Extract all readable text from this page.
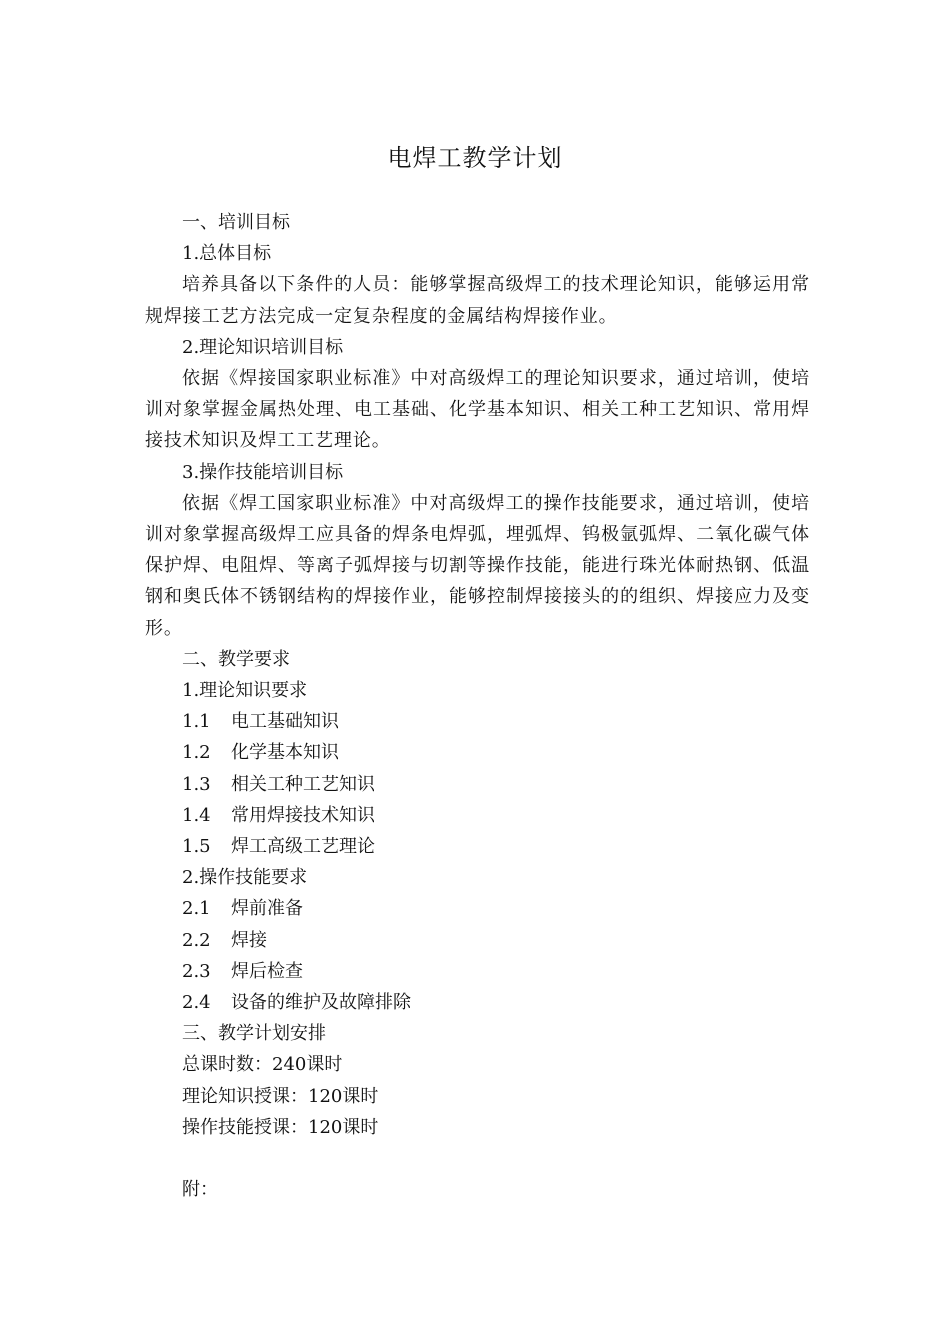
电焊工教学计划

一、培训目标

1.总体目标

培养具备以下条件的人员：能够掌握高级焊工的技术理论知识，能够运用常规焊接工艺方法完成一定复杂程度的金属结构焊接作业。

2.理论知识培训目标

依据《焊接国家职业标准》中对高级焊工的理论知识要求，通过培训，使培训对象掌握金属热处理、电工基础、化学基本知识、相关工种工艺知识、常用焊接技术知识及焊工工艺理论。

3.操作技能培训目标

依据《焊工国家职业标准》中对高级焊工的操作技能要求，通过培训，使培训对象掌握高级焊工应具备的焊条电焊弧，埋弧焊、钨极氩弧焊、二氧化碳气体保护焊、电阻焊、等离子弧焊接与切割等操作技能，能进行珠光体耐热钢、低温钢和奥氏体不锈钢结构的焊接作业，能够控制焊接接头的的组织、焊接应力及变形。

二、教学要求

1.理论知识要求

1.1 电工基础知识

1.2 化学基本知识

1.3 相关工种工艺知识

1.4 常用焊接技术知识

1.5 焊工高级工艺理论

2.操作技能要求

2.1 焊前准备

2.2 焊接

2.3 焊后检查

2.4 设备的维护及故障排除

三、教学计划安排

总课时数：240课时

理论知识授课：120课时

操作技能授课：120课时

附：
